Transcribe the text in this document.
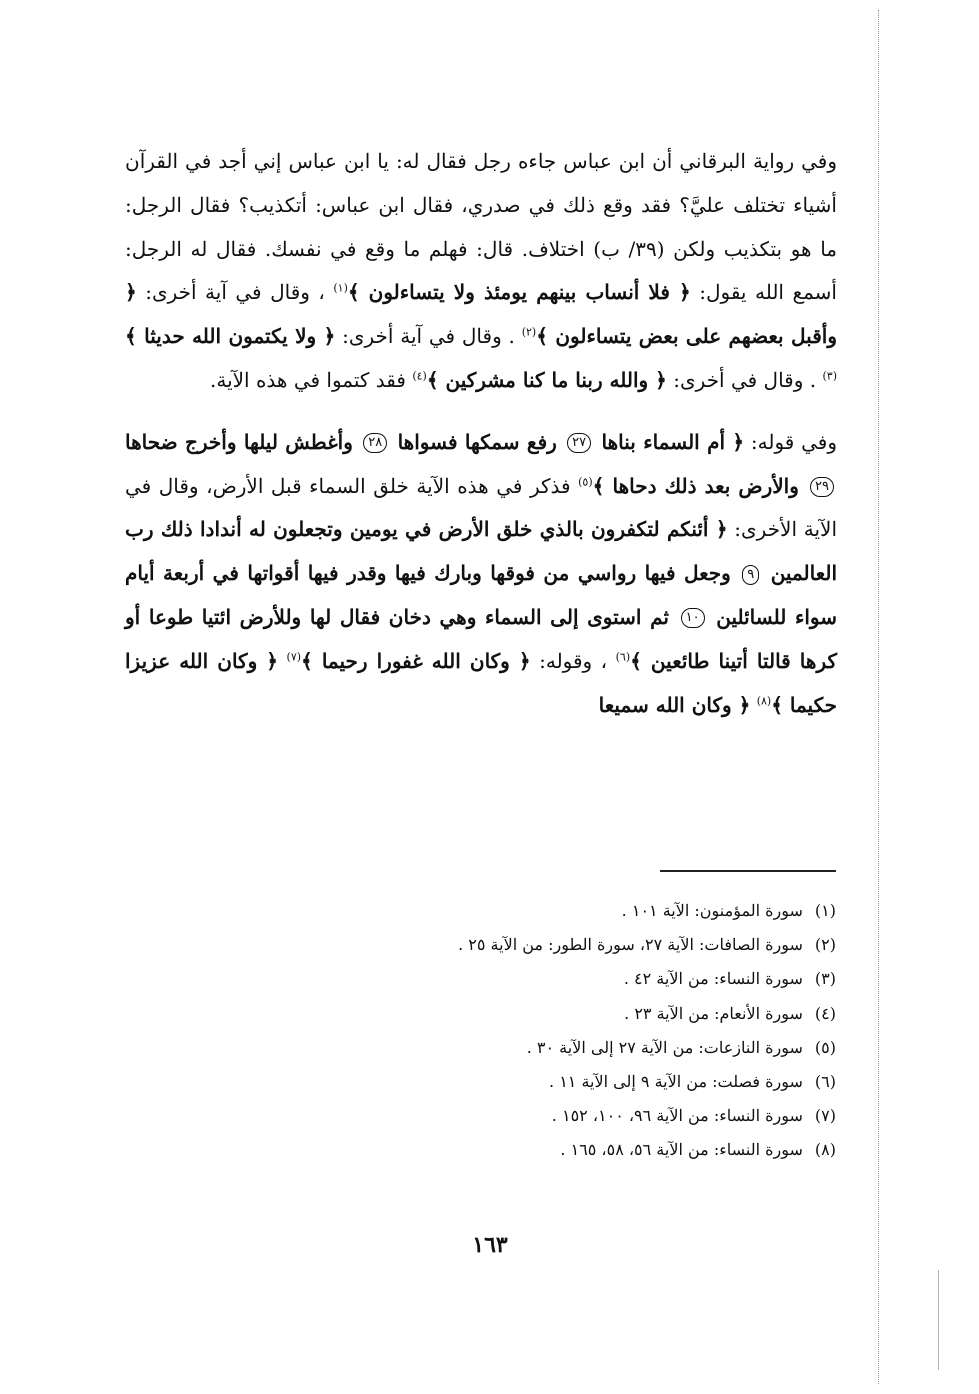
وفي رواية البرقاني أن ابن عباس جاءه رجل فقال له: يا ابن عباس إني أجد في القرآن أشياء تختلف عليَّ؟ فقد وقع ذلك في صدري، فقال ابن عباس: أتكذيب؟ فقال الرجل: ما هو بتكذيب ولكن (٣٩/ ب) اختلاف. قال: فهلم ما وقع في نفسك. فقال له الرجل: أسمع الله يقول: ﴿ فلا أنساب بينهم يومئذ ولا يتساءلون ﴾$^{(١)}$ ، وقال في آية أخرى: ﴿ وأقبل بعضهم على بعض يتساءلون ﴾$^{(٢)}$ . وقال في آية أخرى: ﴿ ولا يكتمون الله حديثا ﴾$^{(٣)}$ . وقال في أخرى: ﴿ والله ربنا ما كنا مشركين ﴾$^{(٤)}$ فقد كتموا في هذه الآية.

وفي قوله: ﴿ أم السماء بناها ٢٧ رفع سمكها فسواها ٢٨ وأغطش ليلها وأخرج ضحاها ٢٩ والأرض بعد ذلك دحاها ﴾$^{(٥)}$ فذكر في هذه الآية خلق السماء قبل الأرض، وقال في الآية الأخرى: ﴿ أئنكم لتكفرون بالذي خلق الأرض في يومين وتجعلون له أندادا ذلك رب العالمين ٩ وجعل فيها رواسي من فوقها وبارك فيها وقدر فيها أقواتها في أربعة أيام سواء للسائلين ١٠ ثم استوى إلى السماء وهي دخان فقال لها وللأرض ائتيا طوعا أو كرها قالتا أتينا طائعين ﴾$^{(٦)}$ ، وقوله: ﴿ وكان الله غفورا رحيما ﴾$^{(٧)}$ ﴿ وكان الله عزيزا حكيما ﴾$^{(٨)}$ ﴿ وكان الله سميعا

(١)سورة المؤمنون: الآية ١٠١ .
(٢)سورة الصافات: الآية ٢٧، سورة الطور: من الآية ٢٥ .
(٣)سورة النساء: من الآية ٤٢ .
(٤)سورة الأنعام: من الآية ٢٣ .
(٥)سورة النازعات: من الآية ٢٧ إلى الآية ٣٠ .
(٦)سورة فصلت: من الآية ٩ إلى الآية ١١ .
(٧)سورة النساء: من الآية ٩٦، ١٠٠، ١٥٢ .
(٨)سورة النساء: من الآية ٥٦، ٥٨، ١٦٥ .
١٦٣
